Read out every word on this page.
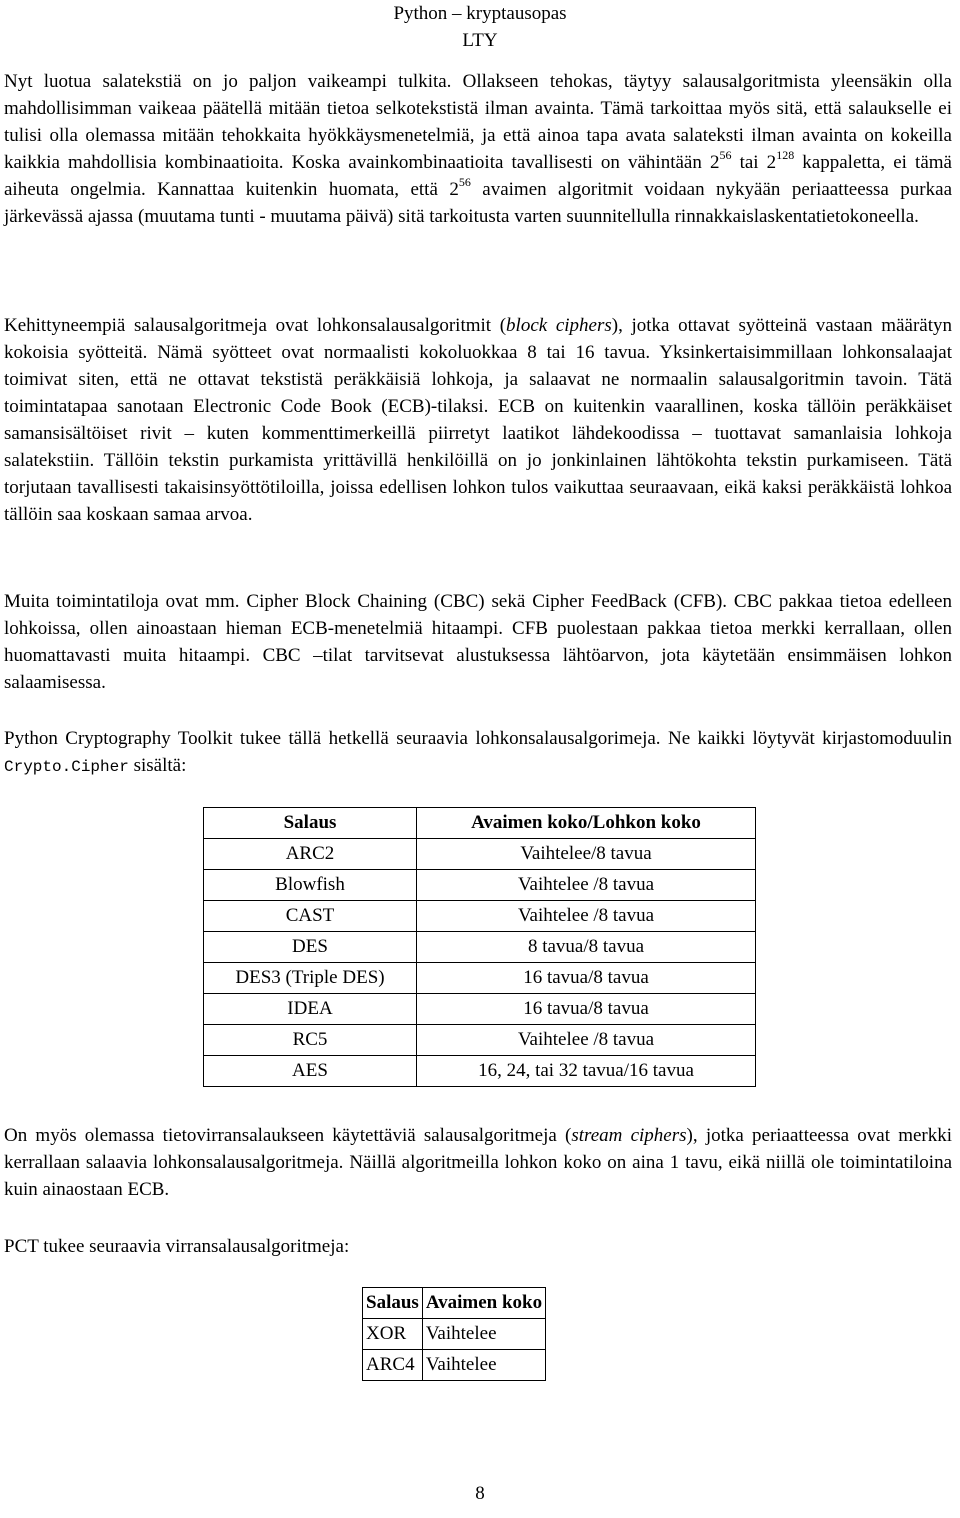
Python – kryptausopas
LTY

Nyt luotua salatekstiä on jo paljon vaikeampi tulkita. Ollakseen tehokas, täytyy salausalgoritmista yleensäkin olla mahdollisimman vaikeaa päätellä mitään tietoa selkotekstistä ilman avainta. Tämä tarkoittaa myös sitä, että salaukselle ei tulisi olla olemassa mitään tehokkaita hyökkäysmenetelmiä, ja että ainoa tapa avata salateksti ilman avainta on kokeilla kaikkia mahdollisia kombinaatioita. Koska avainkombinaatioita tavallisesti on vähintään $2^{56}$ tai $2^{128}$ kappaletta, ei tämä aiheuta ongelmia. Kannattaa kuitenkin huomata, että $2^{56}$ avaimen algoritmit voidaan nykyään periaatteessa purkaa järkevässä ajassa (muutama tunti - muutama päivä) sitä tarkoitusta varten suunnitellulla rinnakkaislaskentatietokoneella.

Kehittyneempiä salausalgoritmeja ovat lohkonsalausalgoritmit (block ciphers), jotka ottavat syötteinä vastaan määrätyn kokoisia syötteitä. Nämä syötteet ovat normaalisti kokoluokkaa 8 tai 16 tavua. Yksinkertaisimmillaan lohkonsalaajat toimivat siten, että ne ottavat tekstistä peräkkäisiä lohkoja, ja salaavat ne normaalin salausalgoritmin tavoin. Tätä toimintatapaa sanotaan Electronic Code Book (ECB)-tilaksi. ECB on kuitenkin vaarallinen, koska tällöin peräkkäiset samansisältöiset rivit – kuten kommenttimerkeillä piirretyt laatikot lähdekoodissa – tuottavat samanlaisia lohkoja salatekstiin. Tällöin tekstin purkamista yrittävillä henkilöillä on jo jonkinlainen lähtökohta tekstin purkamiseen. Tätä torjutaan tavallisesti takaisinsyöttötiloilla, joissa edellisen lohkon tulos vaikuttaa seuraavaan, eikä kaksi peräkkäistä lohkoa tällöin saa koskaan samaa arvoa.

Muita toimintatiloja ovat mm. Cipher Block Chaining (CBC) sekä Cipher FeedBack (CFB). CBC pakkaa tietoa edelleen lohkoissa, ollen ainoastaan hieman ECB-menetelmiä hitaampi. CFB puolestaan pakkaa tietoa merkki kerrallaan, ollen huomattavasti muita hitaampi. CBC –tilat tarvitsevat alustuksessa lähtöarvon, jota käytetään ensimmäisen lohkon salaamisessa.

Python Cryptography Toolkit tukee tällä hetkellä seuraavia lohkonsalausalgorimeja. Ne kaikki löytyvät kirjastomoduulin Crypto.Cipher sisältä:

Salaus	Avaimen koko/Lohkon koko
ARC2	Vaihtelee/8 tavua
Blowfish	Vaihtelee /8 tavua
CAST	Vaihtelee /8 tavua
DES	8 tavua/8 tavua
DES3 (Triple DES)	16 tavua/8 tavua
IDEA	16 tavua/8 tavua
RC5	Vaihtelee /8 tavua
AES	16, 24, tai 32 tavua/16 tavua

On myös olemassa tietovirransalaukseen käytettäviä salausalgoritmeja (stream ciphers), jotka periaatteessa ovat merkki kerrallaan salaavia lohkonsalausalgoritmeja. Näillä algoritmeilla lohkon koko on aina 1 tavu, eikä niillä ole toimintatiloina kuin ainaostaan ECB.

PCT tukee seuraavia virransalausalgoritmeja:

Salaus	Avaimen koko
XOR	Vaihtelee
ARC4	Vaihtelee
8
